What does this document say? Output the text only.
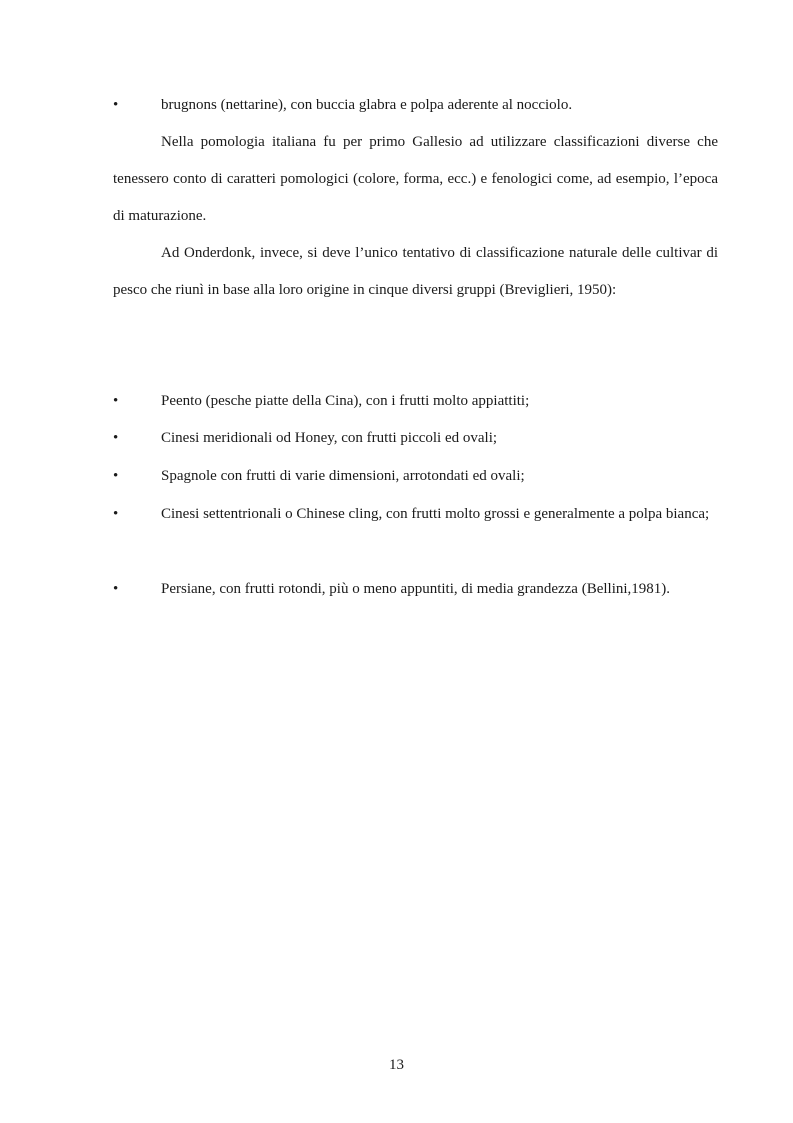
•	brugnons (nettarine), con buccia glabra e polpa aderente al nocciolo.
Nella pomologia italiana fu per primo Gallesio ad utilizzare classificazioni diverse che tenessero conto di caratteri pomologici (colore, forma, ecc.) e fenologici come, ad esempio, l’epoca di maturazione.
Ad Onderdonk, invece, si deve l’unico tentativo di classificazione naturale delle cultivar di pesco che riunì in base alla loro origine in cinque diversi gruppi (Breviglieri, 1950):
•	Peento (pesche piatte della Cina), con i frutti molto appiattiti;
•	Cinesi meridionali od Honey, con frutti piccoli ed ovali;
•	Spagnole con frutti di varie dimensioni, arrotondati ed ovali;
•	Cinesi settentrionali o Chinese cling, con frutti molto grossi e generalmente a polpa bianca;
•	Persiane, con frutti rotondi, più o meno appuntiti, di media grandezza (Bellini,1981).
13
